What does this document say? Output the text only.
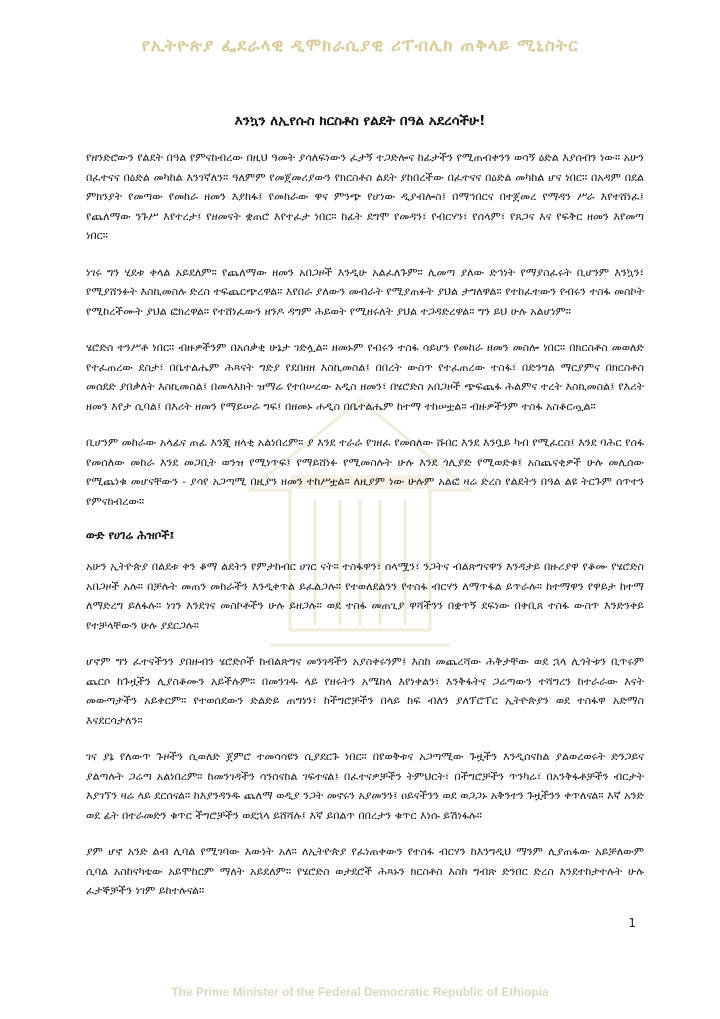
የኢትዮጵያ ፌደራላዊ ዲሞክራሲያዊ ሪፐብሊክ ጠቅላይ ሚኒስትር
እንኳን ለኢየሱስ ክርስቶስ የልደት በዓል አደረሳችሁ!

የዘንድሮውን የልደት በዓል የምናከብረው በዚህ ዓመት ያሳለፍነውን ፈታኝ ተጋድሎና ከፊታችን የሚጠብቀንን ወሳኝ ዕድል እያሰብን ነው። አሁን በፈተናና በዕድል መካከል እንገኛለን። ዓለምም የመጀመሪያውን የክርስቶስ ልደት ያከበረችው በፈተናና በዕድል መካከል ሆና ነበር። በአዳም በደል ምክንያት የመጣው የመከራ ዘመን እያከፋ፤ የመከራው ዋና ምንጭ የሆነው ዲያብሎስ፤ በማኅበርና በተጀመረ የማዳን ሥራ እየተሸነፈ፤ የጨለማው ንጉሥ እየተረታ፤ የዘመናት ቋጠሮ እየተፈታ ነበር። ከፊት ደግሞ የመዳን፣ የብርሃን፣ የሰላም፣ የጸጋና እና የፍቅር ዘመን እየመጣ ነበር።

ነገሩ ግን ሂደቱ ቀላል አይደለም። የጨለማው ዘመን አበጋዞች እንዲሁ አልፈለጉም። ሊመጣ ያለው ድኅነት የማያስፈሩት ቢሆንም እንኳን፣ የሚያሸንፉት እስኪመስሉ ድረስ ተፍጨርጭረዋል። እየበራ ያለውን መብራት የሚያጠፉት ያህል ታግለዋል። የተከፈተውን የብሩን ተስፋ መስኮት የሚከረችሙት ያህል ፎክረዋል። የተሸነፈውን ዘንዶ ዳግም ሕይወት የሚዘሩለት ያህል ተጋዳድረዋል። ግን ይህ ሁሉ አልሆነም።

ሄሮድስ ተንሥቶ ነበር። ብዙዎችንም በአሰቃቂ ሁኔታ ገድሏል። ዘመኑም የብሩን ተስፋ ሳይሆን የመከራ ዘመን መስሎ ነበር። በክርስቶስ መወለድ የተፈጠረው ደስታ፣ በቤተልሔም ሕጻናት ግድያ የደበዘዘ እስኪመስል፤ በበረት ውስጥ የተፈጠረው ተስፋ፣ በድንግል ማርያምና በክርስቶስ መሰደድ ያበቃለት እስኪመስል፤ በመላእክት ዝማሬ የተበሠረው አዲስ ዘመን፣ በሄሮድስ አበጋዞች ጭፍጨፋ ሕልምና ተረት እስኪመስል፤ የእሪት ዘመን እየታ ሲባል፤ በእሪት ዘመን የማይሠራ ግፍ፤ በዘመኑ ሐዲስ በቤተልሔም ከተማ ተከሠቷል። ብዙዎችንም ተስፋ አስቆርጧል።

ቢሆንም መከራው አላፊና ጠፊ እንጂ ዘላቂ አልነበረም። ያ እንደ ተራራ የገዘፈ የመሰለው ሹበር እንደ እንቧይ ካብ የሚፈርስ፤ እንደ ባሕር የሰፋ የመሰለው መከራ እንደ መጋቢት ወንዝ የሚነጥፍ፤ የማይሸነፉ የሚመስሉት ሁሉ እንደ ጎሊያድ የሚወድቁ፤ አስጨናቂዎች ሁሉ መሊሰው የሚጨነቁ መሆናቸውን - ያሳየ አጋጣሚ በዚያን ዘመን ተከሥቷል። ለዚያም ነው ሁሉም አልፎ ዛሬ ድረስ የልደትን በዓል ልዩ ትርጉም ሰጥተን የምናከብረው።

ውድ የሀገሬ ሕዝቦች፤

አሁን ኢትዮጵያ በልደቱ ቀን ቆማ ልደትን የምታከብር ሀገር ናት። ተስፋዋን፣ ሰላሟን፣ ንጋትና ብልጽግናዋን እንዳታይ በዙሪያዋ የቆሙ የሄሮድስ አበጋዞች አሉ። በቻሉት መጠን መከራችን እንዲቀጥል ይፈልጋሉ። የተወለደልንን የተስፋ ብርሃን ለማጥፋል ይጥራሉ። ከተማዋን የዋይታ ከተማ ለማድረግ ይለፋሉ። ነገን እንደገና መስኮቶችን ሁሉ ይዘጋሉ። ወደ ተስፋ መጠጊያ ዋሻችንን በቋጥኝ ደፍነው በቀቢጸ ተስፋ ውስጥ እንድንቀይ የተቻላቸውን ሁሉ ያደርጋሉ።

ሆኖም ግን ፈተናችንን ያበዙብን ሄሮድሶች ከብልጽግና መንገዳችን አያስቀሩንም፤ እስከ መጨረሻው ሕቅታቸው ወደ ኋላ ሊጎትቱን ቢጥሩም ጨርሶ ከጉዟችን ሊያስቆሙን አይችሉም። በመንገዱ ላይ የዘሩትን አሜከላ እየነቀልን፣ እንቅፋትና ጋሬጣውን ተሻግረን ከተራራው እናት መውጣታችን አይቀርም። የተወሰደውን ድልድይ ጠግነን፣ ከችግሮቻችን በላይ ከፍ ብለን ያለፕሮፐር ኢትዮጵያን ወደ ተስፋዋ አድማስ እናደርሳታለን።

ገና ያኔ የለውጥ ጉዞችን ሲወለድ ጀምሮ ተመሳሳዩን ሲያደርጉ ነበር። በየወቅቱና አጋጣሚው ጉዟችን እንዲሰናከል ያልወረወሩት ድንጋይና ያልጣሉት ጋሬጣ አልነበረም። ከመንገዳችን ሳንሰናከል ገፍተናል፤ በፈተናዎቻችን ትምህርት፣ በችግሮቻችን ጥንካሬ፣ በአንቅፋቶቻችን ብርታት እያገኘን ዛሬ ላይ ደርሰናል። ከእያንዳንዱ ጨለማ ወዲያ ንጋት መኖሩን አያመንን፤ ዐይናችንን ወደ ወጋጋኑ አቅንተን ጉዟችንን ቀጥለናል። እኛ አንድ ወደ ፊት በተራመድን ቁጥር ችግሮቻችን ወደኋላ ይሸሻሉ፤ እኛ ይበልጥ በበረታን ቁጥር እነሱ ይሽነፋሉ።

ያም ሆኖ አንድ ልብ ሊባል የሚገባው እውነት አለ። ለኢትዮጵያ የፈነጠቀውን የተስፋ ብርሃን ከእንግዲህ ማንም ሊያጠፋው አይቻለውም ሲባል አስከናካቴው አይሞከርም ማለት አይደለም። የሄሮድስ ወታደሮች ሕጻኑን ክርስቶስ እስከ ግብጽ ድንበር ድረስ እንደተከታተሉት ሁሉ ፈታኞቻችን ነገም ይከተሉናል።

1
The Prime Minister of the Federal Democratic Republic of Ethiopia
